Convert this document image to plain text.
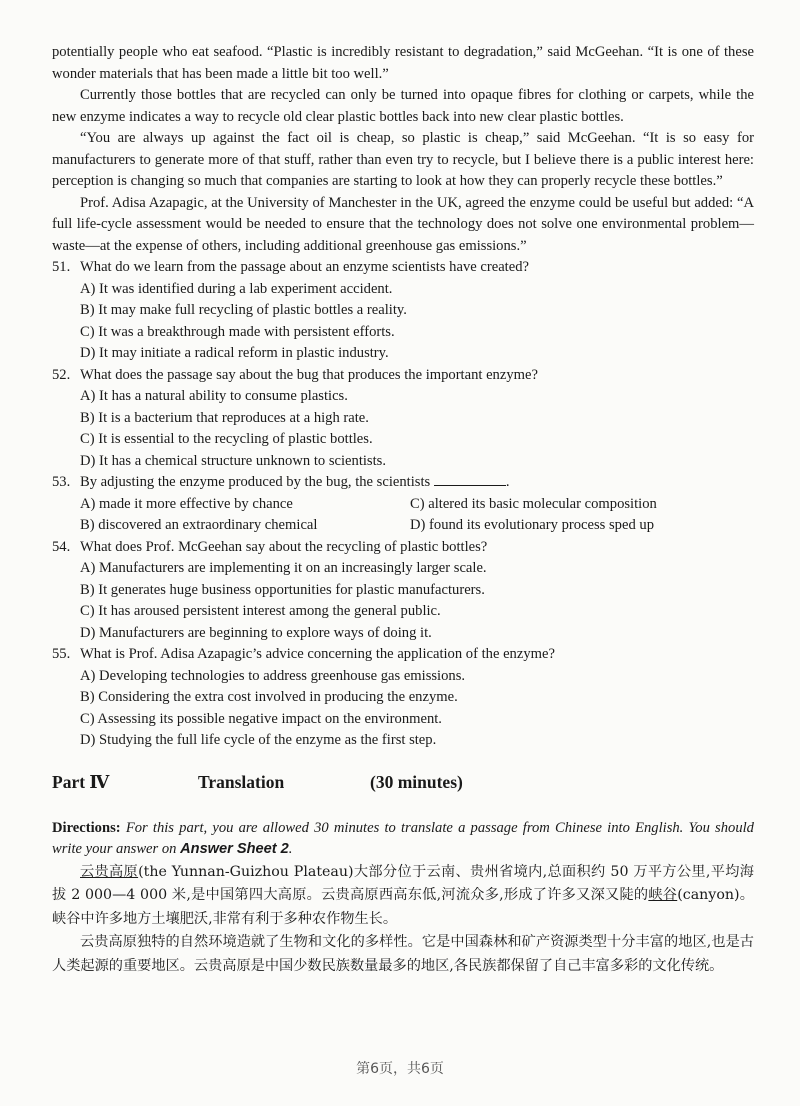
potentially people who eat seafood. “Plastic is incredibly resistant to degradation,” said McGeehan. “It is one of these wonder materials that has been made a little bit too well.”

Currently those bottles that are recycled can only be turned into opaque fibres for clothing or carpets, while the new enzyme indicates a way to recycle old clear plastic bottles back into new clear plastic bottles.

“You are always up against the fact oil is cheap, so plastic is cheap,” said McGeehan. “It is so easy for manufacturers to generate more of that stuff, rather than even try to recycle, but I believe there is a public interest here: perception is changing so much that companies are starting to look at how they can properly recycle these bottles.”

Prof. Adisa Azapagic, at the University of Manchester in the UK, agreed the enzyme could be useful but added: “A full life-cycle assessment would be needed to ensure that the technology does not solve one environmental problem—waste—at the expense of others, including additional greenhouse gas emissions.”

51. What do we learn from the passage about an enzyme scientists have created?
A) It was identified during a lab experiment accident.
B) It may make full recycling of plastic bottles a reality.
C) It was a breakthrough made with persistent efforts.
D) It may initiate a radical reform in plastic industry.
52. What does the passage say about the bug that produces the important enzyme?
A) It has a natural ability to consume plastics.
B) It is a bacterium that reproduces at a high rate.
C) It is essential to the recycling of plastic bottles.
D) It has a chemical structure unknown to scientists.
53. By adjusting the enzyme produced by the bug, the scientists	.
A) made it more effective by chance	C) altered its basic molecular composition
B) discovered an extraordinary chemical	D) found its evolutionary process sped up
54. What does Prof. McGeehan say about the recycling of plastic bottles?
A) Manufacturers are implementing it on an increasingly larger scale.
B) It generates huge business opportunities for plastic manufacturers.
C) It has aroused persistent interest among the general public.
D) Manufacturers are beginning to explore ways of doing it.
55. What is Prof. Adisa Azapagic’s advice concerning the application of the enzyme?
A) Developing technologies to address greenhouse gas emissions.
B) Considering the extra cost involved in producing the enzyme.
C) Assessing its possible negative impact on the environment.
D) Studying the full life cycle of the enzyme as the first step.
Part Ⅳ	Translation	(30 minutes)

Directions: For this part, you are allowed 30 minutes to translate a passage from Chinese into English. You should write your answer on Answer Sheet 2.

云贵高原(the Yunnan-Guizhou Plateau)大部分位于云南、贵州省境内,总面积约 50 万平方公里,平均海拔 2 000—4 000 米,是中国第四大高原。云贵高原西高东低,河流众多,形成了许多又深又陡的峡谷(canyon)。峡谷中许多地方土壤肥沃,非常有利于多种农作物生长。

云贵高原独特的自然环境造就了生物和文化的多样性。它是中国森林和矿产资源类型十分丰富的地区,也是古人类起源的重要地区。云贵高原是中国少数民族数量最多的地区,各民族都保留了自己丰富多彩的文化传统。

第6页，共6页
